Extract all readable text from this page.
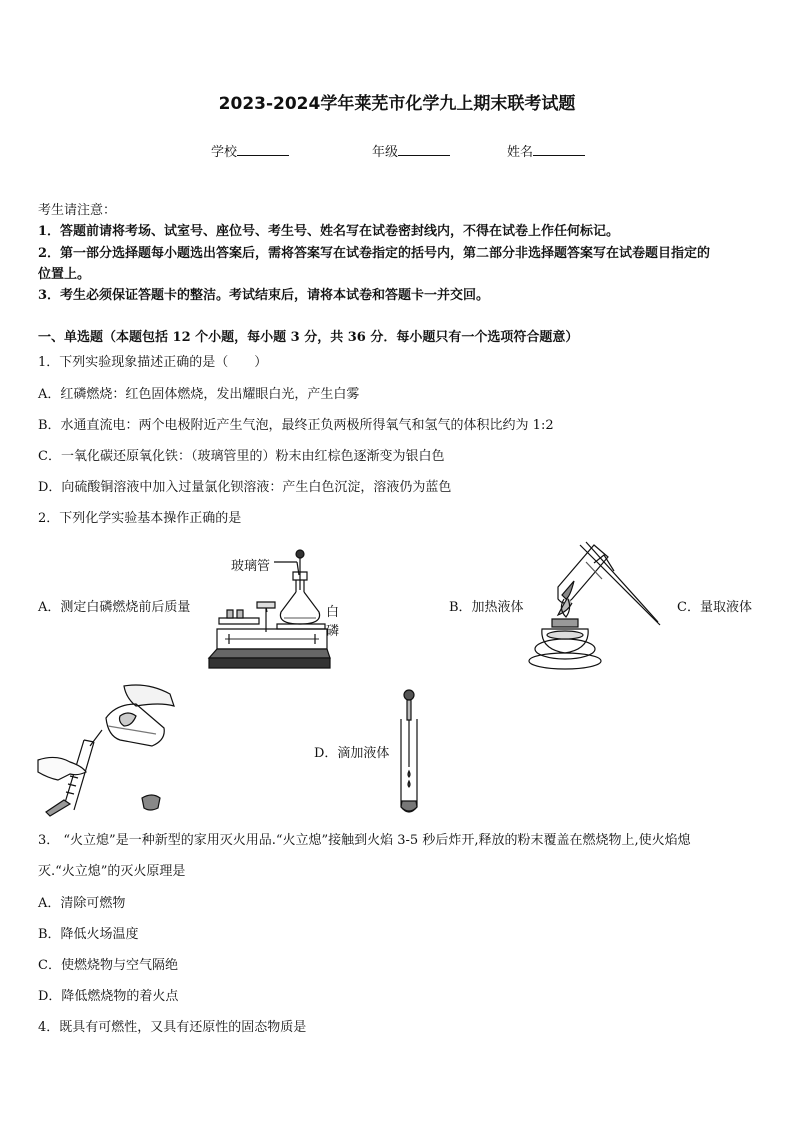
2023-2024学年莱芜市化学九上期末联考试题
学校	年级	姓名
考生请注意：
1．答题前请将考场、试室号、座位号、考生号、姓名写在试卷密封线内，不得在试卷上作任何标记。
2．第一部分选择题每小题选出答案后，需将答案写在试卷指定的括号内，第二部分非选择题答案写在试卷题目指定的
位置上。
3．考生必须保证答题卡的整洁。考试结束后，请将本试卷和答题卡一并交回。
一、单选题（本题包括 12 个小题，每小题 3 分，共 36 分．每小题只有一个选项符合题意）
1．下列实验现象描述正确的是（　　）
A．红磷燃烧：红色固体燃烧，发出耀眼白光，产生白雾
B．水通直流电：两个电极附近产生气泡，最终正负两极所得氧气和氢气的体积比约为 1:2
C．一氧化碳还原氧化铁：（玻璃管里的）粉末由红棕色逐渐变为银白色
D．向硫酸铜溶液中加入过量氯化钡溶液：产生白色沉淀，溶液仍为蓝色
2．下列化学实验基本操作正确的是
A．测定白磷燃烧前后质量
玻璃管
白
磷
B．加热液体	C．量取液体
D．滴加液体
3． “火立熄”是一种新型的家用灭火用品.“火立熄”接触到火焰 3-5 秒后炸开,释放的粉末覆盖在燃烧物上,使火焰熄
灭.“火立熄”的灭火原理是
A．清除可燃物
B．降低火场温度
C．使燃烧物与空气隔绝
D．降低燃烧物的着火点
4．既具有可燃性，又具有还原性的固态物质是
